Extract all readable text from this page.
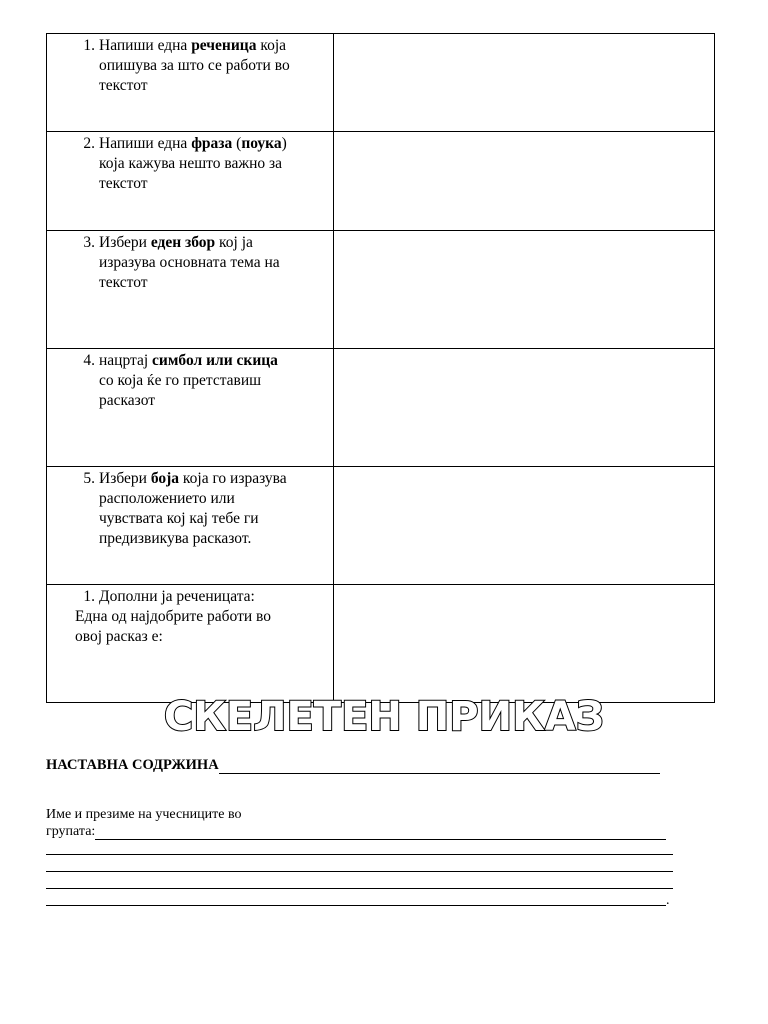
1. Напиши една реченица која
опишува за што се работи во
текстот	

2. Напиши една фраза (поука)
која кажува нешто важно за
текстот	

3. Избери еден збор кој ја
изразува основната тема на
текстот	

4. нацртај симбол или скица
со која ќе го претставиш
расказот	

5. Избери боја која го изразува
расположението или
чувствата кој кај тебе ги
предизвикува расказот.	

1. Дополни ја реченицата:
Една од најдобрите работи во
овој расказ е:	

СКЕЛЕТЕН ПРИКАЗ
НАСТАВНА СОДРЖИНА
Име и презиме на учесниците во
групата:
.
